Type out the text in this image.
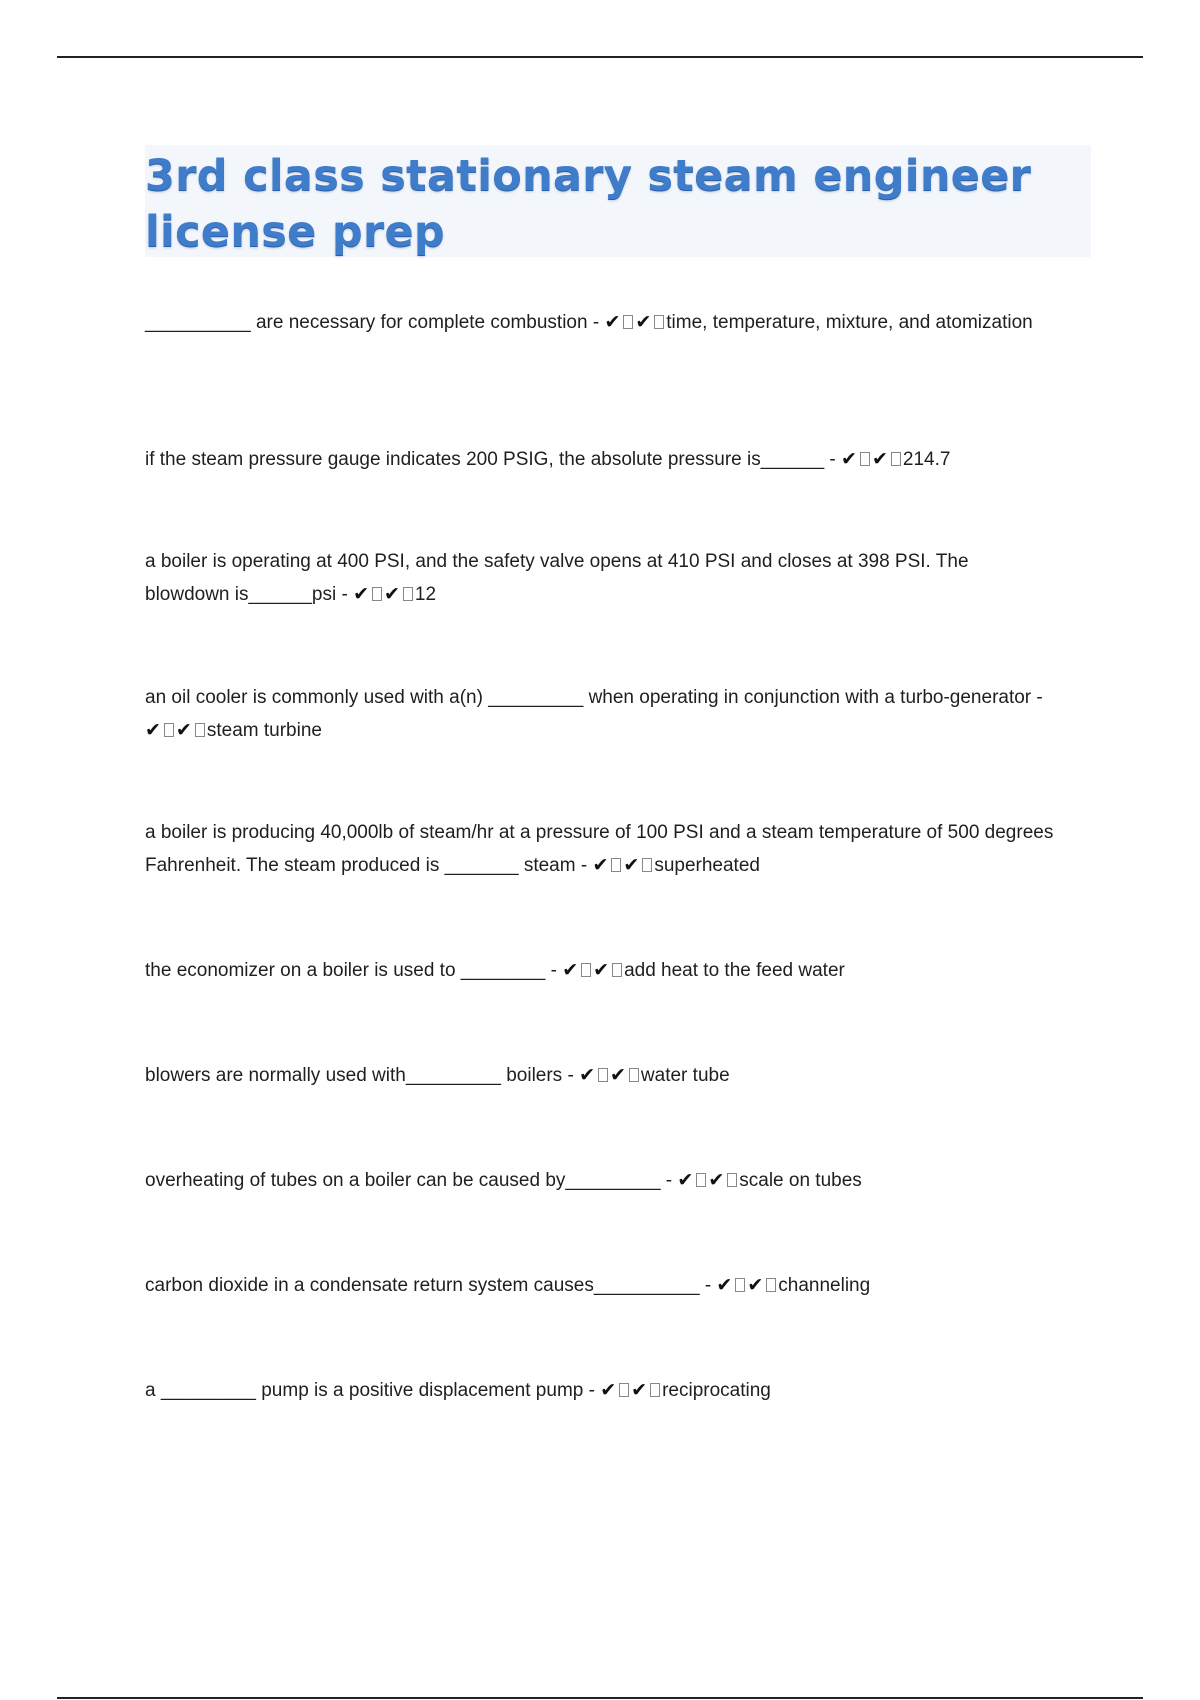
3rd class stationary steam engineer license prep

__________ are necessary for complete combustion - ✔ ✔ time, temperature, mixture, and atomization

if the steam pressure gauge indicates 200 PSIG, the absolute pressure is______ - ✔ ✔ 214.7

a boiler is operating at 400 PSI, and the safety valve opens at 410 PSI and closes at 398 PSI. The blowdown is______psi - ✔ ✔ 12

an oil cooler is commonly used with a(n) _________ when operating in conjunction with a turbo-generator - ✔ ✔ steam turbine

a boiler is producing 40,000lb of steam/hr at a pressure of 100 PSI and a steam temperature of 500 degrees Fahrenheit. The steam produced is _______ steam - ✔ ✔ superheated

the economizer on a boiler is used to ________ - ✔ ✔ add heat to the feed water

blowers are normally used with_________ boilers - ✔ ✔ water tube

overheating of tubes on a boiler can be caused by_________ - ✔ ✔ scale on tubes

carbon dioxide in a condensate return system causes__________ - ✔ ✔ channeling

a _________ pump is a positive displacement pump - ✔ ✔ reciprocating
